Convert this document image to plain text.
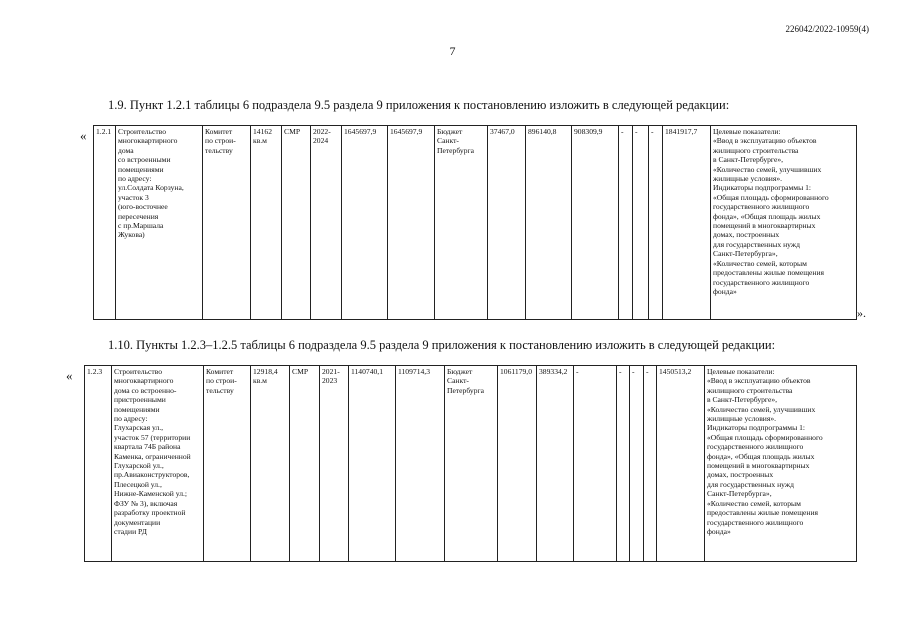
226042/2022-10959(4)
7
1.9. Пункт 1.2.1 таблицы 6 подраздела 9.5 раздела 9 приложения к постановлению изложить в следующей редакции:
« 1.2.1	Строительство
многоквартирного
дома
со встроенными
помещениями
по адресу:
ул.Солдата Корзуна,
участок 3
(юго-восточнее
пересечения
с пр.Маршала
Жукова)	Комитет
по строи-
тельству	14162
кв.м	СМР	2022-
2024	1645697,9	1645697,9	Бюджет
Санкт-
Петербурга	37467,0	896140,8	908309,9	-	-	-	1841917,7	Целевые показатели:
«Ввод в эксплуатацию объектов
жилищного строительства
в Санкт-Петербурге»,
«Количество семей, улучшивших
жилищные условия».
Индикаторы подпрограммы 1:
«Общая площадь сформированного
государственного жилищного
фонда», «Общая площадь жилых
помещений в многоквартирных
домах, построенных
для государственных нужд
Санкт-Петербурга»,
«Количество семей, которым
предоставлены жилые помещения
государственного жилищного
фонда»
».
1.10. Пункты 1.2.3–1.2.5 таблицы 6 подраздела 9.5 раздела 9 приложения к постановлению изложить в следующей редакции:
« 1.2.3	Строительство
многоквартирного
дома со встроенно-
пристроенными
помещениями
по адресу:
Глухарская ул.,
участок 57 (территории
квартала 74Б района
Каменка, ограниченной
Глухарской ул.,
пр.Авиаконструкторов,
Плесецкой ул.,
Нижне-Каменской ул.;
ФЗУ № 3), включая
разработку проектной
документации
стадии РД	Комитет
по строи-
тельству	12918,4
кв.м	СМР	2021-
2023	1140740,1	1109714,3	Бюджет
Санкт-
Петербурга	1061179,0	389334,2	-	-	-	-	1450513,2	Целевые показатели:
«Ввод в эксплуатацию объектов
жилищного строительства
в Санкт-Петербурге»,
«Количество семей, улучшивших
жилищные условия».
Индикаторы подпрограммы 1:
«Общая площадь сформированного
государственного жилищного
фонда», «Общая площадь жилых
помещений в многоквартирных
домах, построенных
для государственных нужд
Санкт-Петербурга»,
«Количество семей, которым
предоставлены жилые помещения
государственного жилищного
фонда»
